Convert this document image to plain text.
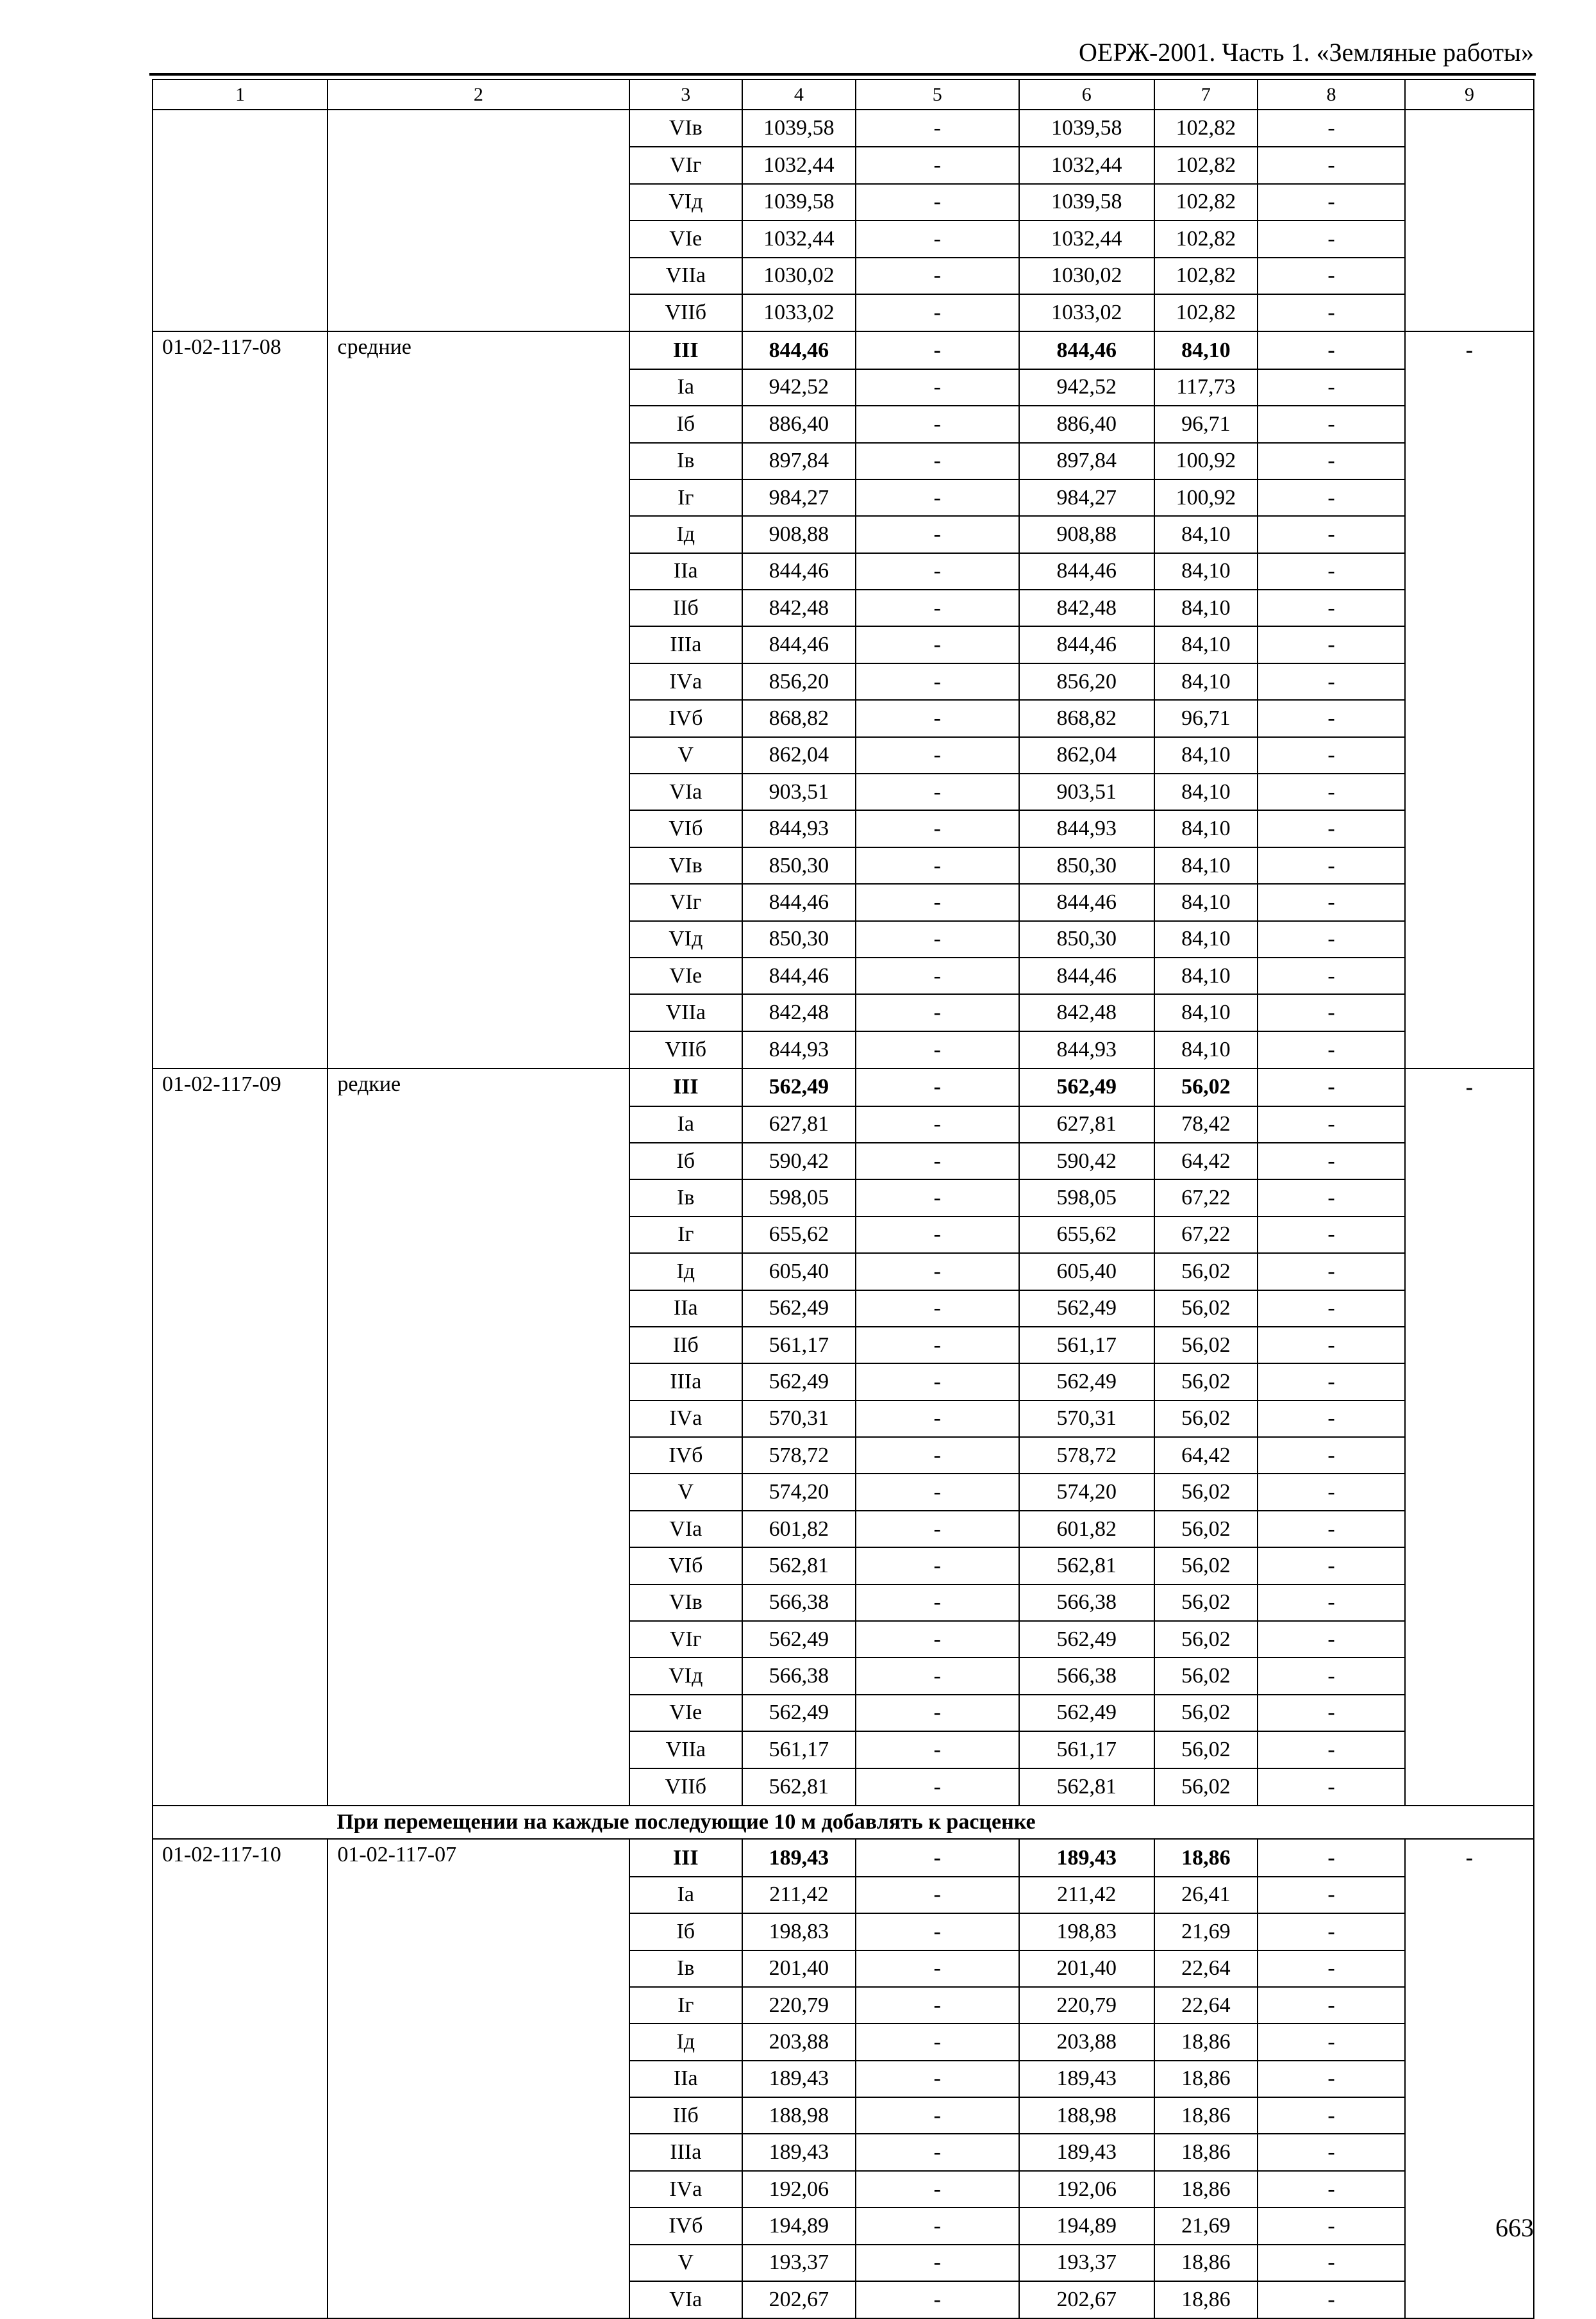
ОЕРЖ-2001. Часть 1. «Земляные работы»
1	2	3	4	5	6	7	8	9
		VIв	1039,58	-	1039,58	102,82	-	
		VIг	1032,44	-	1032,44	102,82	-	
		VIд	1039,58	-	1039,58	102,82	-	
		VIе	1032,44	-	1032,44	102,82	-	
		VIIа	1030,02	-	1030,02	102,82	-	
		VIIб	1033,02	-	1033,02	102,82	-	
01-02-117-08	средние	III	844,46	-	844,46	84,10	-	-
		Iа	942,52	-	942,52	117,73	-	
		Iб	886,40	-	886,40	96,71	-	
		Iв	897,84	-	897,84	100,92	-	
		Iг	984,27	-	984,27	100,92	-	
		Iд	908,88	-	908,88	84,10	-	
		IIа	844,46	-	844,46	84,10	-	
		IIб	842,48	-	842,48	84,10	-	
		IIIа	844,46	-	844,46	84,10	-	
		IVа	856,20	-	856,20	84,10	-	
		IVб	868,82	-	868,82	96,71	-	
		V	862,04	-	862,04	84,10	-	
		VIа	903,51	-	903,51	84,10	-	
		VIб	844,93	-	844,93	84,10	-	
		VIв	850,30	-	850,30	84,10	-	
		VIг	844,46	-	844,46	84,10	-	
		VIд	850,30	-	850,30	84,10	-	
		VIе	844,46	-	844,46	84,10	-	
		VIIа	842,48	-	842,48	84,10	-	
		VIIб	844,93	-	844,93	84,10	-	
01-02-117-09	редкие	III	562,49	-	562,49	56,02	-	-
		Iа	627,81	-	627,81	78,42	-	
		Iб	590,42	-	590,42	64,42	-	
		Iв	598,05	-	598,05	67,22	-	
		Iг	655,62	-	655,62	67,22	-	
		Iд	605,40	-	605,40	56,02	-	
		IIа	562,49	-	562,49	56,02	-	
		IIб	561,17	-	561,17	56,02	-	
		IIIа	562,49	-	562,49	56,02	-	
		IVа	570,31	-	570,31	56,02	-	
		IVб	578,72	-	578,72	64,42	-	
		V	574,20	-	574,20	56,02	-	
		VIа	601,82	-	601,82	56,02	-	
		VIб	562,81	-	562,81	56,02	-	
		VIв	566,38	-	566,38	56,02	-	
		VIг	562,49	-	562,49	56,02	-	
		VIд	566,38	-	566,38	56,02	-	
		VIе	562,49	-	562,49	56,02	-	
		VIIа	561,17	-	561,17	56,02	-	
		VIIб	562,81	-	562,81	56,02	-	
	При перемещении на каждые последующие 10 м добавлять к расценке							
01-02-117-10	01-02-117-07	III	189,43	-	189,43	18,86	-	-
		Iа	211,42	-	211,42	26,41	-	
		Iб	198,83	-	198,83	21,69	-	
		Iв	201,40	-	201,40	22,64	-	
		Iг	220,79	-	220,79	22,64	-	
		Iд	203,88	-	203,88	18,86	-	
		IIа	189,43	-	189,43	18,86	-	
		IIб	188,98	-	188,98	18,86	-	
		IIIа	189,43	-	189,43	18,86	-	
		IVа	192,06	-	192,06	18,86	-	
		IVб	194,89	-	194,89	21,69	-	
		V	193,37	-	193,37	18,86	-	
		VIа	202,67	-	202,67	18,86	-	
663
